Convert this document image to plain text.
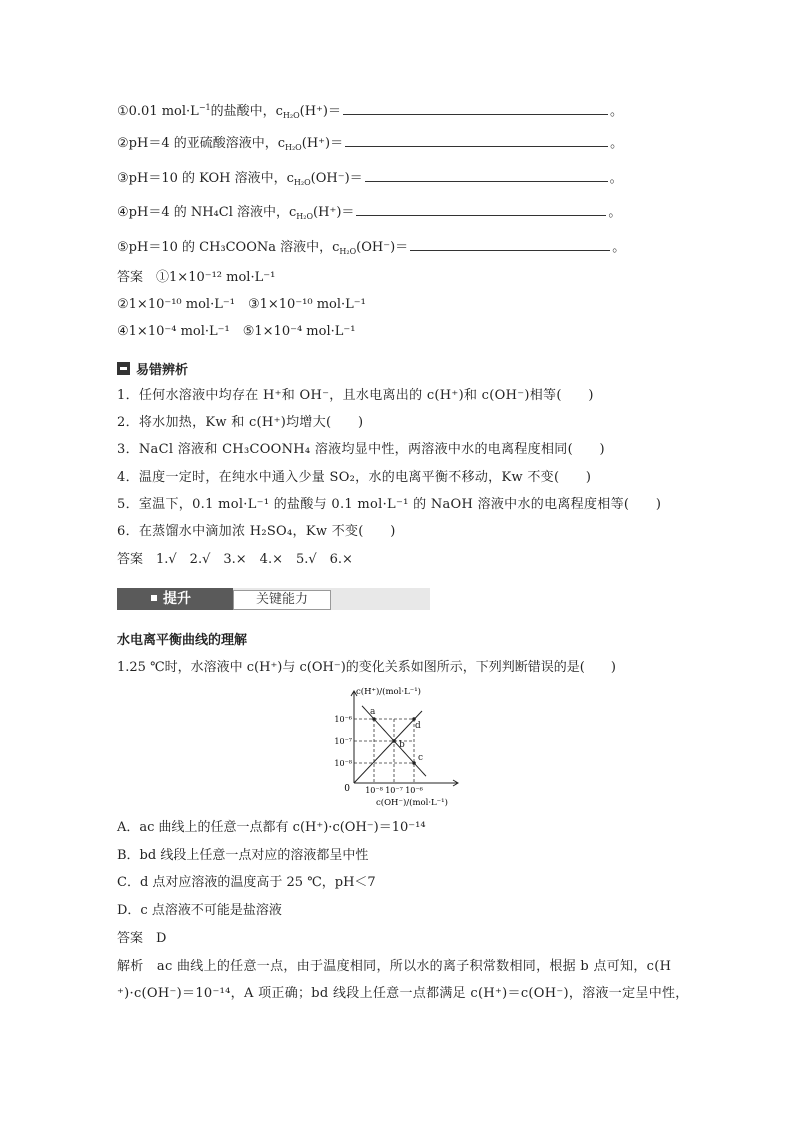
①0.01 $mol\cdot L^{-1}$的盐酸中，$c_{H_2O}(H^+)=$	。
②pH＝4 的亚硫酸溶液中，$c_{H_2O}(H^+)=$	。
③pH＝10 的 KOH 溶液中，$c_{H_2O}(OH^-)=$	。
④pH＝4 的 NH₄Cl 溶液中，$c_{H_2O}(H^+)=$	。
⑤pH＝10 的 CH₃COONa 溶液中，$c_{H_2O}(OH^-)=$	。
答案　 ①1×10⁻¹² mol·L⁻¹
②1×10⁻¹⁰ mol·L⁻¹　 ③1×10⁻¹⁰ mol·L⁻¹
④1×10⁻⁴ mol·L⁻¹　 ⑤1×10⁻⁴ mol·L⁻¹
易错辨析
1．任何水溶液中均存在 H⁺和 OH⁻，且水电离出的 c(H⁺)和 c(OH⁻)相等(　　)
2．将水加热，Kw 和 c(H⁺)均增大(　　)
3．NaCl 溶液和 CH₃COONH₄ 溶液均显中性，两溶液中水的电离程度相同(　　)
4．温度一定时，在纯水中通入少量 SO₂，水的电离平衡不移动，Kw 不变(　　)
5．室温下，0.1 mol·L⁻¹ 的盐酸与 0.1 mol·L⁻¹ 的 NaOH 溶液中水的电离程度相等(　　)
6．在蒸馏水中滴加浓 H₂SO₄，Kw 不变(　　)
答案　1.√　2.√　3.×　4.×　5.√　6.×
提升	关键能力
水电离平衡曲线的理解
1.25 ℃时，水溶液中 c(H⁺)与 c(OH⁻)的变化关系如图所示，下列判断错误的是(　　)
a
b
c
d
10⁻⁶
10⁻⁷
10⁻⁸
10⁻⁸ 10⁻⁷ 10⁻⁶
0
c(H⁺)/(mol·L⁻¹)
c(OH⁻)/(mol·L⁻¹)
A．ac 曲线上的任意一点都有 c(H⁺)·c(OH⁻)＝10⁻¹⁴
B．bd 线段上任意一点对应的溶液都呈中性
C．d 点对应溶液的温度高于 25 ℃，pH＜7
D．c 点溶液不可能是盐溶液
答案　D
解析　ac 曲线上的任意一点，由于温度相同，所以水的离子积常数相同，根据 b 点可知，c(H
⁺)·c(OH⁻)＝10⁻¹⁴，A 项正确；bd 线段上任意一点都满足 c(H⁺)＝c(OH⁻)，溶液一定呈中性，
